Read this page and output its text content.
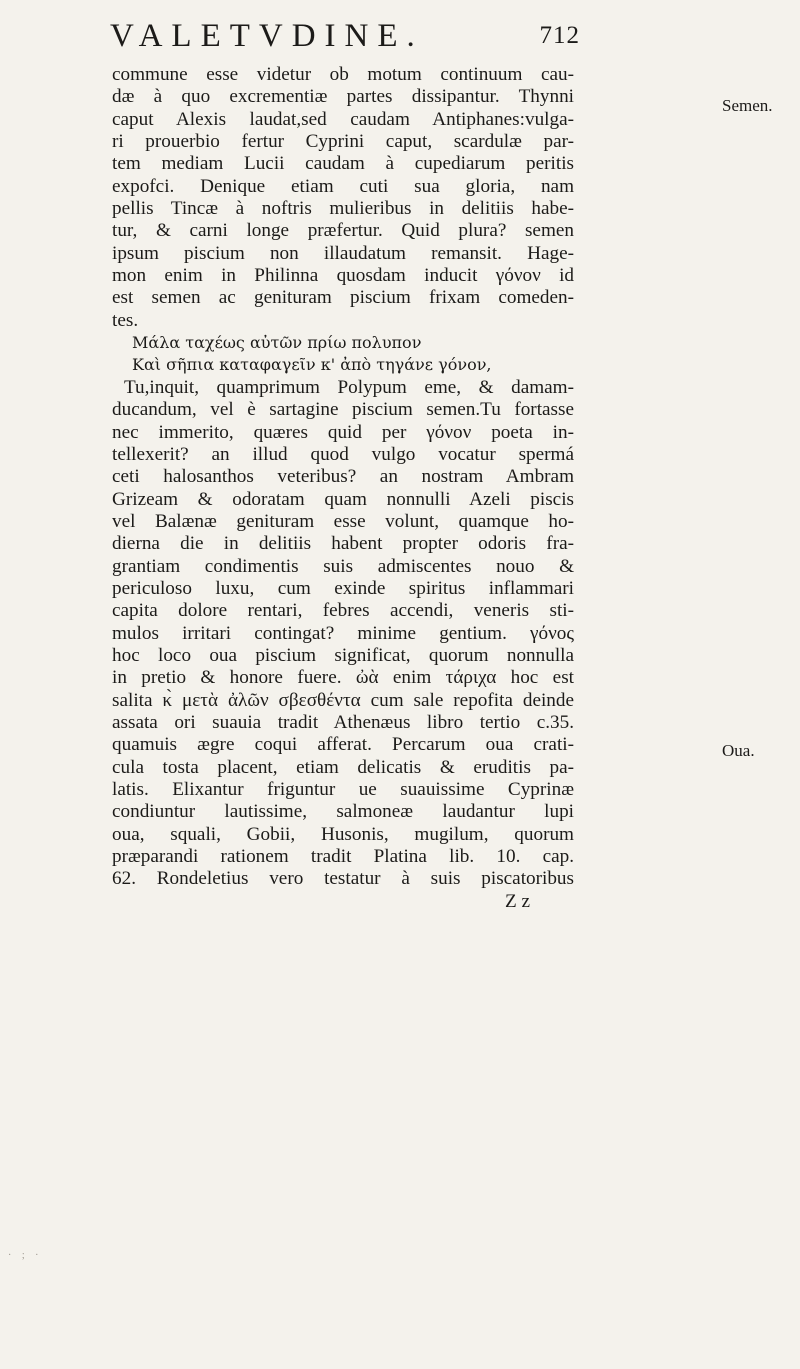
VALETVDINE.	712
commune esse videtur ob motum continuum cau-
dæ à quo excrementiæ partes dissipantur. Thynni
caput Alexis laudat,sed caudam Antiphanes:vulga-
ri prouerbio fertur Cyprini caput, scardulæ par-
tem mediam Lucii caudam à cupediarum peritis
expofci. Denique etiam cuti sua gloria, nam
pellis Tincæ à noftris mulieribus in delitiis habe-
tur, & carni longe præfertur. Quid plura? semen
ipsum piscium non illaudatum remansit. Hage-
mon enim in Philinna quosdam inducit γόνον id
est semen ac genituram piscium frixam comeden-
tes.
Μάλα ταχέως αὐτῶν πρίω πολυπον
Καὶ σῆπια καταφαγεῖν κ' ἀπὸ τηγάνε γόνον,
Tu,inquit, quamprimum Polypum eme, & damam-
ducandum, vel è sartagine piscium semen.Tu fortasse
nec immerito, quæres quid per γόνον poeta in-
tellexerit? an illud quod vulgo vocatur spermá
ceti halosanthos veteribus? an nostram Ambram
Grizeam & odoratam quam nonnulli Azeli piscis
vel Balænæ genituram esse volunt, quamque ho-
dierna die in delitiis habent propter odoris fra-
grantiam condimentis suis admiscentes nouo &
periculoso luxu, cum exinde spiritus inflammari
capita dolore rentari, febres accendi, veneris sti-
mulos irritari contingat? minime gentium. γόνος
hoc loco oua piscium significat, quorum nonnulla
in pretio & honore fuere. ὠὰ enim τάριχα hoc est
salita κ̀ μετὰ ἀλῶν σβεσθέντα cum sale repofita deinde
assata ori suauia tradit Athenæus libro tertio c.35.
quamuis ægre coqui afferat. Percarum oua crati-
cula tosta placent, etiam delicatis & eruditis pa-
latis. Elixantur friguntur ue suauissime Cyprinæ
condiuntur lautissime, salmoneæ laudantur lupi
oua, squali, Gobii, Husonis, mugilum, quorum
præparandi rationem tradit Platina lib. 10. cap.
62. Rondeletius vero testatur à suis piscatoribus
Z z
Semen.
Oua.
· ; ·
